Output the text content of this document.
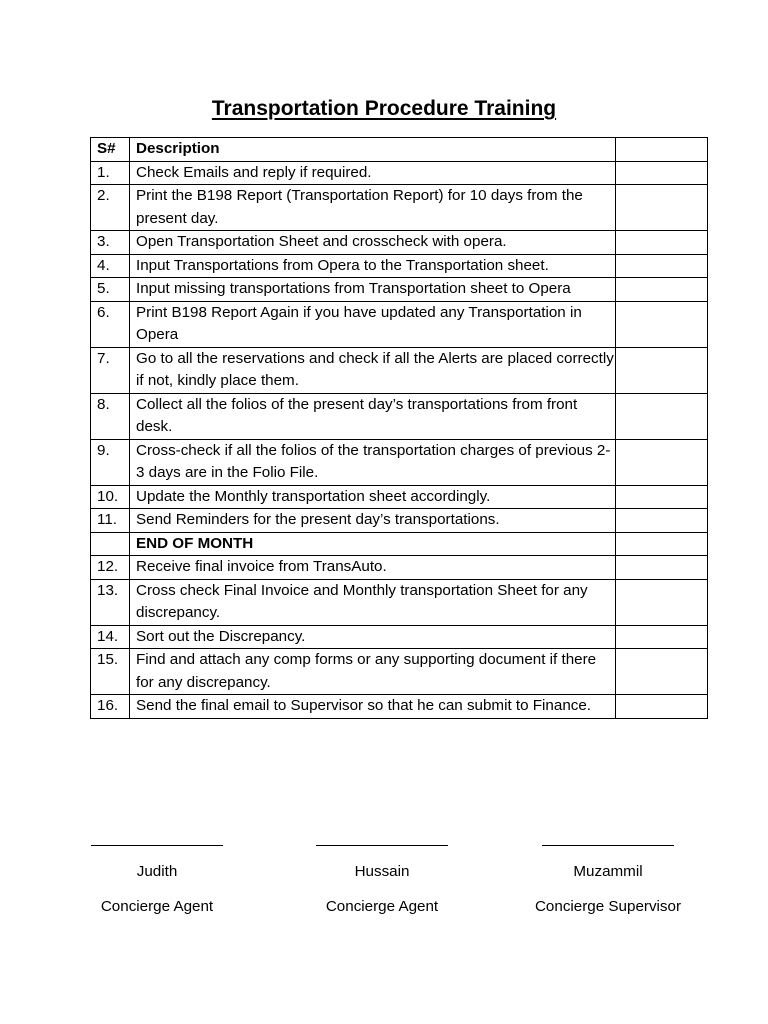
Transportation Procedure Training
S#	Description	
1.	Check Emails and reply if required.	
2.	Print the B198 Report (Transportation Report) for 10 days from the present day.	
3.	Open Transportation Sheet and crosscheck with opera.	
4.	Input Transportations from Opera to the Transportation sheet.	
5.	Input missing transportations from Transportation sheet to Opera	
6.	Print B198 Report Again if you have updated any Transportation in Opera	
7.	Go to all the reservations and check if all the Alerts are placed correctly if not, kindly place them.	
8.	Collect all the folios of the present day’s transportations from front desk.	
9.	Cross-check if all the folios of the transportation charges of previous 2-3 days are in the Folio File.	
10.	Update the Monthly transportation sheet accordingly.	
11.	Send Reminders for the present day’s transportations.	
	END OF MONTH	
12.	Receive final invoice from TransAuto.	
13.	Cross check Final Invoice and Monthly transportation Sheet for any discrepancy.	
14.	Sort out the Discrepancy.	
15.	Find and attach any comp forms or any supporting document if there for any discrepancy.	
16.	Send the final email to Supervisor so that he can submit to Finance.	
Judith
Concierge Agent
Hussain
Concierge Agent
Muzammil
Concierge Supervisor
